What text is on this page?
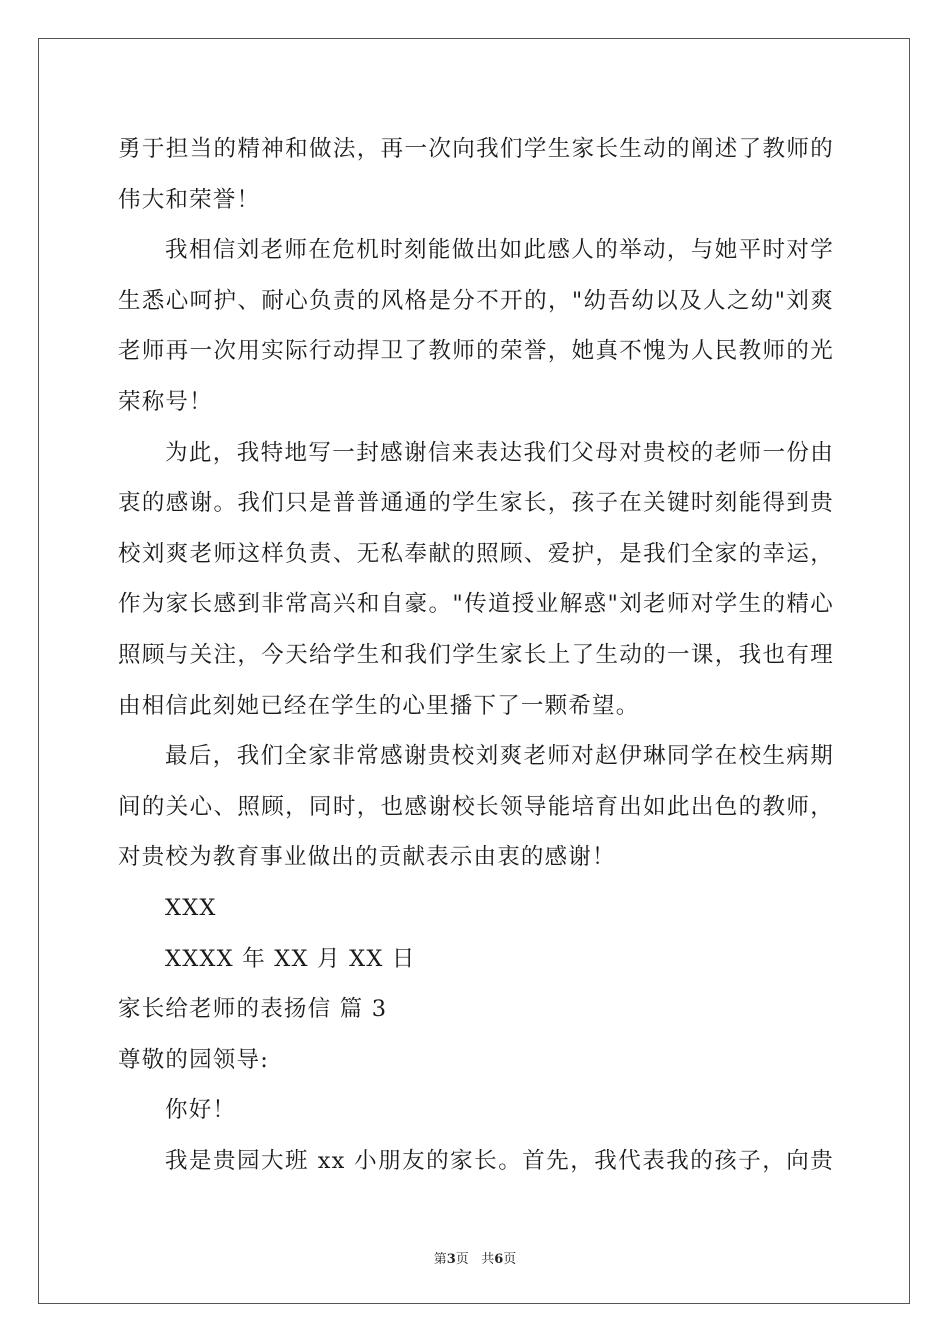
勇于担当的精神和做法，再一次向我们学生家长生动的阐述了教师的
伟大和荣誉！
我相信刘老师在危机时刻能做出如此感人的举动，与她平时对学
生悉心呵护、耐心负责的风格是分不开的，"幼吾幼以及人之幼"刘爽
老师再一次用实际行动捍卫了教师的荣誉，她真不愧为人民教师的光
荣称号！
为此，我特地写一封感谢信来表达我们父母对贵校的老师一份由
衷的感谢。我们只是普普通通的学生家长，孩子在关键时刻能得到贵
校刘爽老师这样负责、无私奉献的照顾、爱护，是我们全家的幸运，
作为家长感到非常高兴和自豪。"传道授业解惑"刘老师对学生的精心
照顾与关注，今天给学生和我们学生家长上了生动的一课，我也有理
由相信此刻她已经在学生的心里播下了一颗希望。
最后，我们全家非常感谢贵校刘爽老师对赵伊琳同学在校生病期
间的关心、照顾，同时，也感谢校长领导能培育出如此出色的教师，
对贵校为教育事业做出的贡献表示由衷的感谢！
XXX
XXXX 年 XX 月 XX 日
家长给老师的表扬信 篇 3
尊敬的园领导:
你好！
我是贵园大班 xx 小朋友的家长。首先，我代表我的孩子，向贵
第3页 共6页
